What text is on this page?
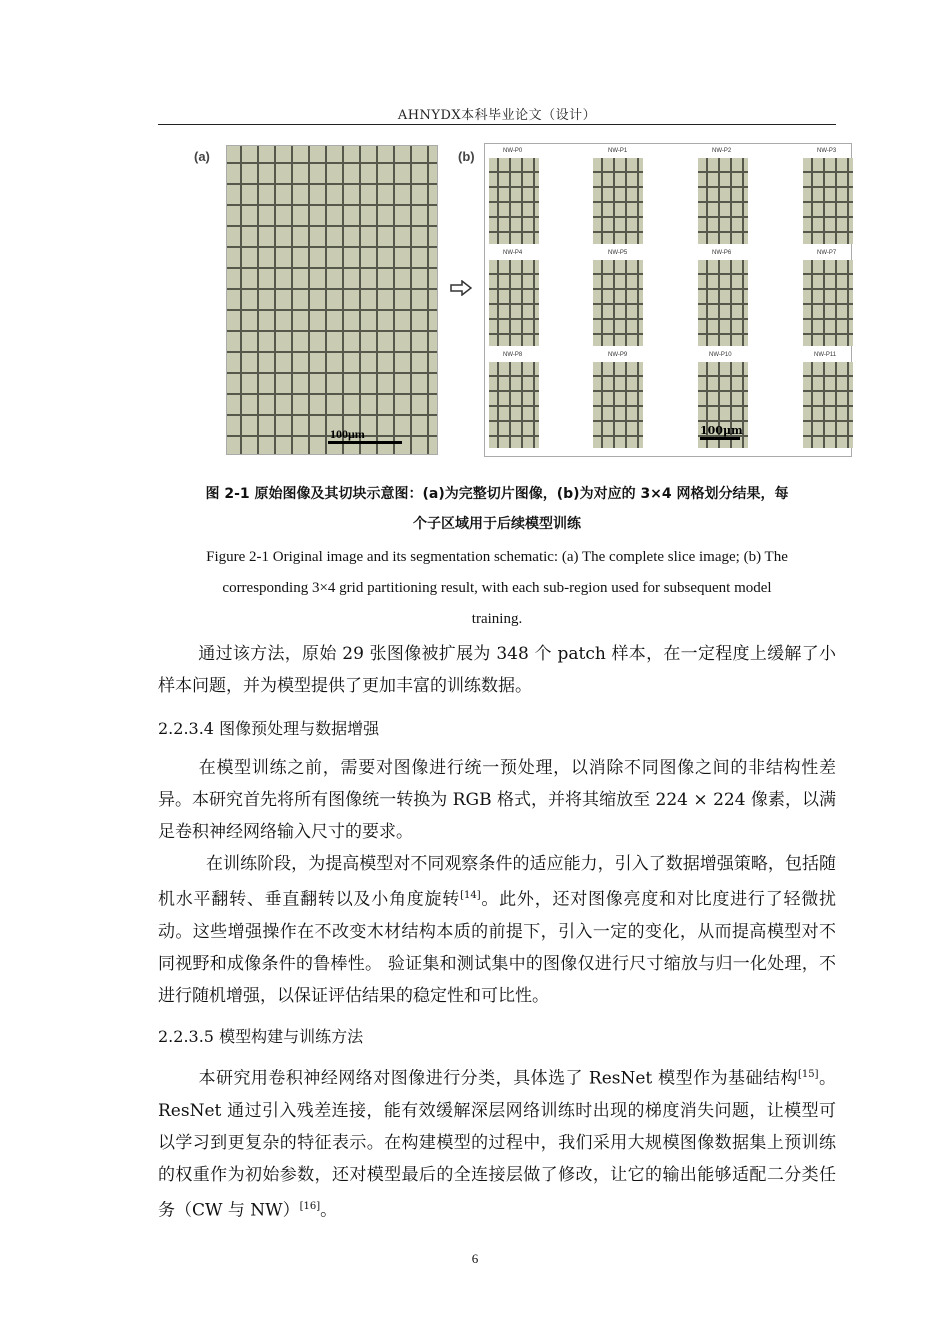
AHNYDX本科毕业论文（设计）
(a)
100μm
(b)	NW-P0	NW-P1	NW-P2	NW-P3
NW-P4	NW-P5	NW-P6	NW-P7
NW-P8	NW-P9	NW-P10	NW-P11
100μm
图 2-1 原始图像及其切块示意图：(a)为完整切片图像，(b)为对应的 3×4 网格划分结果，每
个子区域用于后续模型训练
Figure 2-1 Original image and its segmentation schematic: (a) The complete slice image; (b) The
corresponding 3×4 grid partitioning result, with each sub-region used for subsequent model
training.
通过该方法，原始 29 张图像被扩展为 348 个 patch 样本，在一定程度上缓解了小样本问题，并为模型提供了更加丰富的训练数据。
2.2.3.4 图像预处理与数据增强
在模型训练之前，需要对图像进行统一预处理，以消除不同图像之间的非结构性差异。本研究首先将所有图像统一转换为 RGB 格式，并将其缩放至 224 × 224 像素，以满足卷积神经网络输入尺寸的要求。
在训练阶段，为提高模型对不同观察条件的适应能力，引入了数据增强策略，包括随机水平翻转、垂直翻转以及小角度旋转[14]。此外，还对图像亮度和对比度进行了轻微扰动。这些增强操作在不改变木材结构本质的前提下，引入一定的变化，从而提高模型对不同视野和成像条件的鲁棒性。 验证集和测试集中的图像仅进行尺寸缩放与归一化处理，不进行随机增强，以保证评估结果的稳定性和可比性。
2.2.3.5 模型构建与训练方法
本研究用卷积神经网络对图像进行分类，具体选了 ResNet 模型作为基础结构[15]。ResNet 通过引入残差连接，能有效缓解深层网络训练时出现的梯度消失问题，让模型可以学习到更复杂的特征表示。在构建模型的过程中，我们采用大规模图像数据集上预训练的权重作为初始参数，还对模型最后的全连接层做了修改，让它的输出能够适配二分类任务（CW 与 NW）[16]。
6
